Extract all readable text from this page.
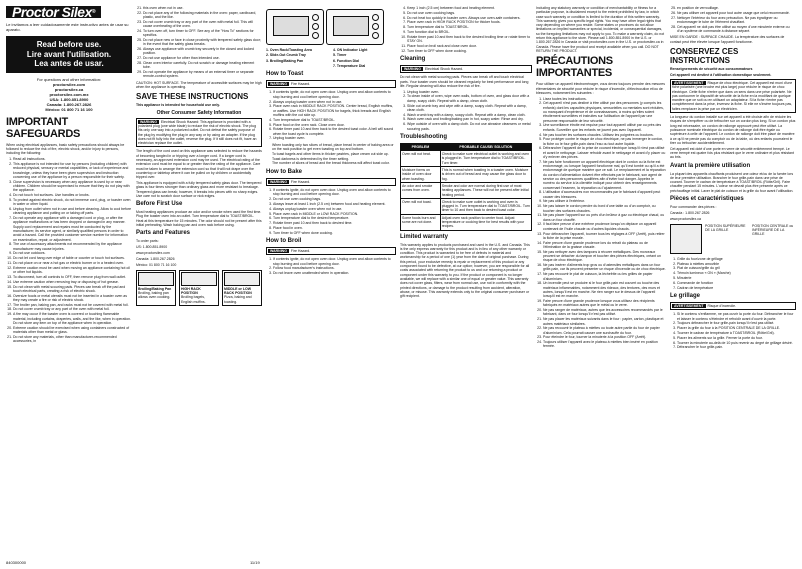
Proctor Silex®

Le invitamos a leer cuidadosamente este instructivo antes de usar su aparato.

Read before use.
Lire avant l'utilisation.
Lea antes de usar.
For questions and other information:
proctorsilex.com
proctorsilex.ca
proctorsilex.com.mx
USA: 1.800.851.8900
Canada: 1.800.267.2826
México: 01 800 71 16 100
IMPORTANT SAFEGUARDS

When using electrical appliances, basic safety precautions should always be followed to reduce the risk of fire, electric shock, and/or injury to persons, including the following:

1. Read all instructions.
2. This appliance is not intended for use by persons (including children) with reduced physical, sensory or mental capabilities, or lack of experience and knowledge, unless they have been given supervision and instruction concerning use of the appliance by a person responsible for their safety.
3. Close supervision is necessary when any appliance is used by or near children. Children should be supervised to ensure that they do not play with the appliance.
4. Do not touch hot surfaces. Use handles or knobs.
5. To protect against electric shock, do not immerse cord, plug, or toaster oven in water or other liquid.
6. Unplug from outlet when not in use and before cleaning. Allow to cool before cleaning appliance and putting on or taking off parts.
7. Do not operate any appliance with a damaged cord or plug, or after the appliance malfunctions or has been dropped or damaged in any manner. Supply cord replacement and repairs must be conducted by the manufacturer, its service agent, or similarly qualified persons in order to avoid a hazard. Call the provided customer service number for information on examination, repair, or adjustment.
8. The use of accessory attachments not recommended by the appliance manufacturer may cause injuries.
9. Do not use outdoors.
10. Do not let cord hang over edge of table or counter or touch hot surfaces.
11. Do not place on or near a hot gas or electric burner or in a heated oven.
12. Extreme caution must be used when moving an appliance containing hot oil or other hot liquids.
13. To disconnect, turn all controls to OFF, then remove plug from wall outlet.
14. Use extreme caution when removing tray or disposing of hot grease.
15. Do not clean with metal scouring pads. Pieces can break off the pad and touch electrical parts, creating a risk of electric shock.
16. Oversize foods or metal utensils must not be inserted in a toaster oven as they may create a fire or risk of electric shock.
17. The broiler pan, baking pan, and racks must not be covered with metal foil.
18. Do not cover crumb tray or any part of the oven with metal foil.
19. A fire may occur if the toaster oven is covered or touching flammable material, including curtains, draperies, walls, and the like, when in operation. Do not store any item on top of the appliance when in operation.
20. Extreme caution should be exercised when using containers constructed of materials other than metal or glass.
21. Do not store any materials, other than manufacturer-recommended accessories, in
21. this oven when not in use.
22. Do not place any of the following materials in the oven: paper, cardboard, plastic, and the like.
23. Do not cover crumb tray or any part of the oven with metal foil. This will cause overheating of the oven.
24. To turn oven off, turn timer to OFF. See any of the "How To" sections for specifics.
25. Do not place new or face in close proximity with tempered safety glass door; in the event that the safety glass breaks.
26. Always use appliance with crumb tray securely in the closed and locked position.
27. Do not use appliance for other than intended use.
28. Clean oven interior carefully. Do not scratch or damage heating element tube.
29. Do not operate the appliance by means of an external timer or separate remote-control system.

CAUTION: HOT SURFACE. The temperature of accessible surfaces may be high when the appliance is operating.

SAVE THESE INSTRUCTIONS

This appliance is intended for household use only.

Other Consumer Safety Information
WARNING Electrical Shock Hazard: This appliance is provided with a polarized plug (one wide blade) to reduce the risk of electric shock. The plug fits only one way into a polarized outlet. Do not defeat the safety purpose of the plug by modifying the plug in any way or by using an adapter. If the plug does not fit fully into the outlet, reverse the plug. If it still does not fit, have an electrician replace the outlet.

The length of the cord used on this appliance was selected to reduce the hazards of becoming tangled in or tripping over a longer cord. If a longer cord is necessary, an approved extension cord may be used. The electrical rating of the extension cord must be equal to or greater than the rating of the appliance. Care must be taken to arrange the extension cord so that it will not drape over the countertop or tabletop where it can be pulled on by children or accidentally tripped over.

This appliance is equipped with a fully tempered safety glass door. The tempered glass is four times stronger than ordinary glass and more resistant to breakage. Tempered glass can break; however, it breaks into pieces with no sharp edges. Use care not to scratch door surface or nick edges.

Before First Use

Most heating appliances produce an odor and/or smoke when used the first time. Plug the toaster oven into an outlet. Turn temperature dial to TOAST/BROIL. Heat at this temperature for 15 minutes. The odor should not be present after this initial preheating. Wash baking pan and oven rack before using.

Parts and Features

To order parts:

US: 1.800.851.8900

www.proctorsilex.com

Canada: 1.800.267.2826

México: 01 800 71 16 100

Broiling/Baking Pan
Broiling, baking pan allows oven cooking.
HIGH RACK POSITION
Broiling bagels, English muffins.
MIDDLE or LOW RACK POSITION
Pizza, baking and toasting.
1. Oven Rack/Toasting Area	4. ON Indicator Light
2. Slide-Out Crumb Tray	5. Timer
3. Broiling/Baking Pan	6. Function Dial
7. Temperature Dial
How to Toast
WARNING Fire Hazard.
1. If contents ignite, do not open oven door. Unplug oven and allow contents to stop burning and cool before opening door.
2. Always unplug toaster oven when not in use.
3. Place oven rack in MIDDLE RACK POSITION. Center bread, English muffins, or waffles. Use HIGH RACK POSITION for bagels, thick breads and English muffins with the cut side up.
4. Turn temperature dial to TOAST/BROIL.
5. Place food on the oven rack. Close oven door.
6. Rotate timer past 10 and then back to the desired toast color. A bell will sound when the toast cycle is complete.
7. Unplug toaster oven.
• When toasting only two slices of bread, place bread in center of baking area or on the rack position to get even toasting on top and bottom.
• To toast bagels and other items in thicker pastries, place cream cut side up.
• Toast darkness is determined by the timer setting.
• The number of slices of bread and the bread thickness will affect toast color.
How to Bake
WARNING Fire Hazard.
1. If contents ignite, do not open oven door. Unplug oven and allow contents to stop burning and cool before opening door.
2. Do not use oven cooking bags.
3. Always leave at least 1 inch (2.5 cm) between food and heating element.
4. Always unplug toaster oven when not in use.
5. Place oven rack in MIDDLE or LOW RACK POSITION.
6. Turn temperature dial to the desired temperature.
7. Rotate timer past 10 and then back to desired time.
8. Place food in oven.
9. Turn timer to OFF when done cooking.
How to Broil
WARNING Fire Hazard.
1. If contents ignite, do not open oven door. Unplug oven and allow contents to stop burning and cool before opening door.
2. Follow food manufacturer's instructions.
3. Do not leave oven unattended when in operation.
4. Keep 1 inch (2.5 cm) between food and heating element.
5. Do not use oven cooking bags.
6. Do not heat too quickly in toaster oven. Always use oven-safe containers.
7. Place oven rack in HIGH RACK POSITION for thicker foods.
8. Turn temperature dial to TOAST/BROIL.
9. Turn function dial to BROIL.
10. Rotate timer past 10 and then back to the desired broiling time or rotate timer to STAY ON.
11. Place food on broil rack and close oven door.
12. Turn timer to OFF when done cooking.
Cleaning
WARNING Electrical Shock Hazard.

Do not clean with metal scouring pads. Pieces can break off and touch electrical parts. Your toaster oven should be cleaned regularly for best performance and long life. Regular cleaning will also reduce the risk of fire.

1. Unplug toaster oven.
2. To clean inside of oven, wipe oven walls, bottom of oven, and glass door with a damp, soapy cloth. Repeat with a damp, clean cloth.
3. Slide out crumb tray and wipe with a damp, soapy cloth. Repeat with a damp, clean cloth.
4. Wash crumb tray with a damp, soapy cloth. Repeat with a damp, clean cloth.
5. Wash oven rack and broiling/baking pan in hot, soapy water. Rinse and dry.
6. Wipe outside of oven with a damp cloth. Do not use abrasive cleansers or metal scouring pads.
Troubleshooting
PROBLEM	PROBABLE CAUSE/ SOLUTION
Oven will not heat.	Check to make sure electrical outlet is working and oven is plugged in. Turn temperature dial to TOAST/BROIL. Turn timer.
Moisture forms on inside of oven door when toasting.	This is normal when toasting in a toaster oven. Moisture is driven out of bread and may cause the glass door to fog.
An odor and smoke comes from oven.	Smoke and odor are normal during first use of most heating appliances. These will not be present after initial heating period.
Oven will not toast.	Check to make sure outlet is working and oven is plugged in. Turn temperature dial to TOAST/BROIL. Turn timer to 10 and then back to desired toast color.
Some foods burn and some are not done.	Adjust oven rack position to center food. Adjust temperature or cooking time for best results with your recipes.
Limited warranty

This warranty applies to products purchased and used in the U.S. and Canada. This is the only express warranty for this product and is in lieu of any other warranty or condition. This product is warranted to be free of defects in material and workmanship for a period of one (1) year from the date of original purchase. During this period, your exclusive remedy is repair or replacement of this product or any component found to be defective, at our option; however, you are responsible for all costs associated with returning the product to us and our returning a product or component under this warranty to you. If the product or component is no longer available, we will replace with a similar one of equal or greater value. This warranty does not cover glass, filters, wear from normal use, use not in conformity with the printed directions, or damage to the product resulting from accident, alteration, abuse, or misuse. This warranty extends only to the original consumer purchaser or gift recipient.

Including any statutory warranty or condition of merchantability or fitness for a particular purpose, is disclaimed except to the extent prohibited by law, in which case such warranty or condition is limited to the duration of this written warranty. This warranty gives you specific legal rights. You may have other legal rights that vary depending on where you reside. Some states or provinces do not allow limitations on implied warranties or special, incidental, or consequential damages, so the foregoing limitations may not apply to you. To make a warranty claim, do not return this appliance to the store. Please call 1.800.851.8900 in the U.S. or 1.800.267.2826 in Canada or visit proctorsilex.com in the U.S. or proctorsilex.ca in Canada. Please have the product and receipt available when you call. DO NOT RETURN THE PRODUCT.

PRÉCAUTIONS IMPORTANTES

Pour utiliser un appareil électroménager, vous devez toujours prendre des mesures élémentaires de sécurité pour réduire le risque d'incendie, d'électrocution et/ou de blessures, notamment les suivantes :

1. Lisez toutes les instructions.
2. Cet appareil n'est pas destiné à être utilisé par des personnes (y compris les enfants) dont les capacités physiques, sensorielles ou mentales sont réduites, ou manquant d'expérience et de connaissances, à moins qu'elles soient étroitement surveillées et instruites sur l'utilisation de l'appareil par une personne responsable de leur sécurité.
3. Une surveillance étroite est requise pour tout appareil utilisé par ou près des enfants. Surveiller que les enfants ne jouent pas avec l'appareil.
4. Ne pas toucher les surfaces chaudes. Utilisez les poignées ou boutons.
5. Pour protéger contre le risque de choc électrique, ne pas immerger le cordon, la fiche ou le four grille-pain dans l'eau ou tout autre liquide.
6. Débrancher l'appareil de la prise de courant électrique lorsqu'il n'est pas utilisé et avant le nettoyage. Laisser refroidir avant le nettoyage et avant d'y placer ou d'y enlever des pièces.
7. Ne pas faire fonctionner un appareil électrique dont le cordon ou la fiche est endommagé, ou lorsque l'appareil fonctionne mal, qu'il est tombé ou qu'il a été endommagé de quelque manière que ce soit. Le remplacement et la réparation du cordon d'alimentation doivent être effectués par le fabricant, son agent de service ou des personnes qualifiées afin d'éviter tout danger. Appelez le numéro du service à la clientèle indiqué pour obtenir des renseignements concernant l'examen, la réparation ou l'ajustement.
8. L'utilisation d'accessoires non recommandés par le fabricant d'appareil peut causer des blessures.
9. Ne pas utiliser à l'extérieur.
10. Ne pas laisser le cordon pendre du bord d'une table ou d'un comptoir, ou toucher des surfaces chaudes.
11. Ne pas placer l'appareil sur ou près d'un brûleur à gaz ou électrique chaud, ou dans un four chauffé.
12. Il faut faire preuve d'une extrême prudence lorsqu'on déplace un appareil contenant de l'huile chaude ou d'autres liquides chauds.
13. Pour débrancher l'appareil, tourner tous les réglages à OFF (Arrêt), puis retirer la fiche de la prise murale.
14. Faire preuve d'une grande prudence lors du retrait du plateau ou de l'élimination de la graisse chaude.
15. Ne pas nettoyer avec des tampons à récurer métalliques. Des morceaux peuvent se détacher du tampon et toucher des pièces électriques, créant un risque de choc électrique.
16. Ne pas insérer d'aliments trop gros ou d'ustensiles métalliques dans un four grille-pain, car ils peuvent présenter un risque d'incendie ou de choc électrique.
17. Ne pas recouvrir le plat de cuisson, la lèchefrite ou les grilles de papier d'aluminium.
18. Un incendie peut se produire si le four grille-pain est couvert ou touche des matériaux inflammables, notamment des rideaux, des tentures, des murs et autres, lorsqu'il est en marche. Ne rien ranger sur le dessus de l'appareil lorsqu'il est en marche.
19. Faire preuve d'une grande prudence lorsque vous utilisez des récipients fabriqués en matériaux autres que le métal ou le verre.
20. Ne pas ranger de matériaux, autres que les accessoires recommandés par le fabricant, dans ce four lorsqu'il n'est pas utilisé.
21. Ne pas placer les matériaux suivants dans le four : papier, carton, plastique et autres matériaux similaires.
22. Ne pas recouvrir le plateau à miettes ou toute autre partie du four de papier d'aluminium. Cela pourrait causer une surchauffe du four.
23. Pour éteindre le four, tourner la minuterie à la position OFF (Arrêt).
24. Toujours utiliser l'appareil avec le plateau à miettes bien inséré en position fermée.
25. en position de verrouillage.
26. Ne pas utiliser cet appareil pour tout autre usage que celui recommandé.
27. Nettoyer l'intérieur du four avec précaution. Ne pas égratigner ou endommager le tube de l'élément chauffant.
28. Cet appareil ne doit pas être utilisé au moyen d'une minuterie externe ou d'un système de commande à distance séparé.

MISE EN GARDE : SURFACE CHAUDE. La température des surfaces de contact peut être élevée lorsque l'appareil fonctionne.

CONSERVEZ CES INSTRUCTIONS

Renseignements de sécurité aux consommateurs

Cet appareil est destiné à l'utilisation domestique seulement.

AVERTISSEMENT Risque de choc électrique. Cet appareil est muni d'une fiche polarisée (une broche est plus large) pour réduire le risque de choc électrique. Cette fiche n'entre que dans un sens dans une prise polarisée. Ne pas contourner le dispositif de sécurité de la fiche en la modifiant de quelque manière que ce soit ou en utilisant un adaptateur. Si la fiche n'entre pas complètement dans la prise, inversez la fiche. Si elle ne s'insère toujours pas, faites remplacer la prise par un électricien.

La longueur du cordon installé sur cet appareil a été choisie afin de réduire les risques de s'empêtrer ou de trébucher sur un cordon plus long. Si un cordon plus long est nécessaire, un cordon de rallonge approuvé peut être utilisé. La puissance nominale électrique du cordon de rallonge doit être égale ou supérieure à celle de l'appareil. Le cordon de rallonge doit être placé de manière à ce qu'il ne pende pas du comptoir ou de la table, où des enfants pourraient le tirer ou trébucher accidentellement.

Cet appareil est doté d'une porte en verre de sécurité entièrement trempé. Le verre trempé est quatre fois plus résistant que le verre ordinaire et plus résistant au bris.

Avant la première utilisation

La plupart des appareils chauffants produisent une odeur et/ou de la fumée lors de leur première utilisation. Brancher le four grille-pain dans une prise de courant. Tourner le cadran de température à TOAST/BROIL (Rôtie/Gril). Faire chauffer pendant 15 minutes. L'odeur ne devrait plus être présente après ce préchauffage initial. Laver le plat de cuisson et la grille du four avant l'utilisation.

Pièces et caractéristiques

Pour commander des pièces :

Canada : 1.800.267.2826

www.proctorsilex.ca

POSITION SUPÉRIEURE DE LA GRILLE
POSITION CENTRALE ou INFÉRIEURE DE LA GRILLE
1. Grille du four/zone de grillage
2. Plateau à miettes amovible
3. Plat de cuisson/grille du gril
4. Témoin lumineux « ON » (Marche)
5. Minuterie
6. Commande de fonction
7. Cadran de température
Le grillage
AVERTISSEMENT Risque d'incendie.
1. Si le contenu s'enflamme, ne pas ouvrir la porte du four. Débrancher le four et laisser le contenu s'éteindre et refroidir avant d'ouvrir la porte.
2. Toujours débrancher le four grille-pain lorsqu'il n'est pas utilisé.
3. Placer la grille du four à la POSITION CENTRALE DE LA GRILLE.
4. Tourner le cadran de température à TOAST/BROIL (Rôtie/Gril).
5. Placer les aliments sur la grille. Fermer la porte du four.
6. Tourner la minuterie au-delà de 10 puis revenir au degré de grillage désiré.
7. Débrancher le four grille-pain.
840300000	11/19
